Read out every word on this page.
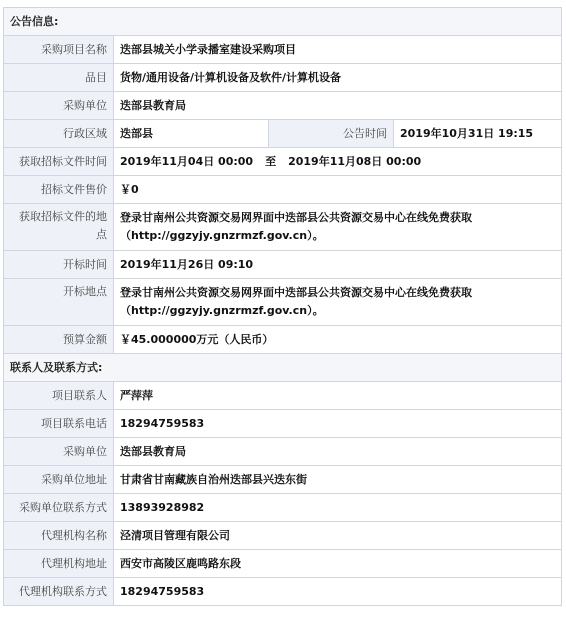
公告信息:			
采购项目名称	迭部县城关小学录播室建设采购项目		
品目	货物/通用设备/计算机设备及软件/计算机设备		
采购单位	迭部县教育局		
行政区域	迭部县	公告时间	2019年10月31日 19:15
获取招标文件时间	2019年11月04日 00:00 至 2019年11月08日 00:00		
招标文件售价	￥0		
获取招标文件的地点	登录甘南州公共资源交易网界面中迭部县公共资源交易中心在线免费获取
（http://ggzyjy.gnzrmzf.gov.cn）。		

开标时间	2019年11月26日 09:10		
开标地点	登录甘南州公共资源交易网界面中迭部县公共资源交易中心在线免费获取
（http://ggzyjy.gnzrmzf.gov.cn）。		

预算金额	￥45.000000万元（人民币）		
联系人及联系方式:			
项目联系人	严萍萍		
项目联系电话	18294759583		
采购单位	迭部县教育局		
采购单位地址	甘肃省甘南藏族自治州迭部县兴迭东街		
采购单位联系方式	13893928982		
代理机构名称	泾清项目管理有限公司		
代理机构地址	西安市高陵区鹿鸣路东段		
代理机构联系方式	18294759583		
